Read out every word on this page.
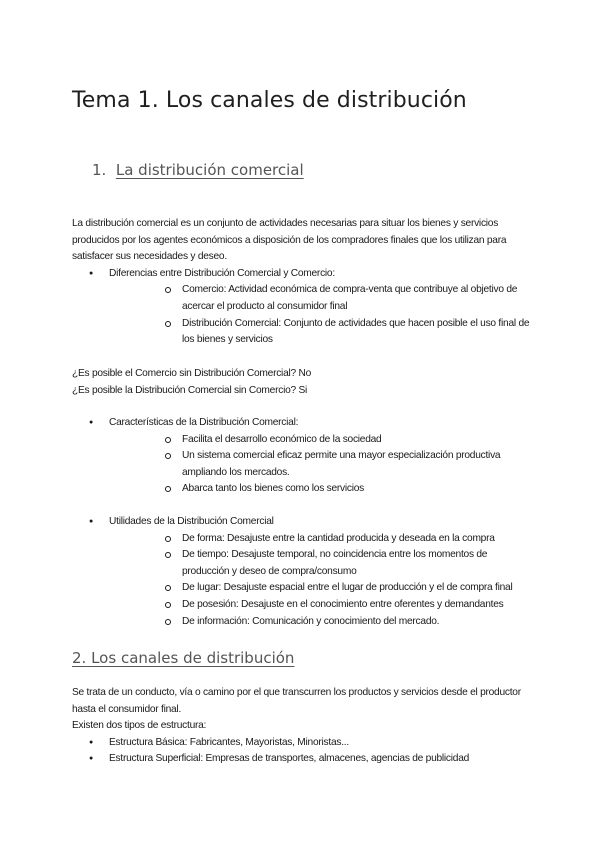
Tema 1. Los canales de distribución
1. La distribución comercial

La distribución comercial es un conjunto de actividades necesarias para situar los bienes y servicios producidos por los agentes económicos a disposición de los compradores finales que los utilizan para satisfacer sus necesidades y deseo.

● Diferencias entre Distribución Comercial y Comercio:
Comercio: Actividad económica de compra-venta que contribuye al objetivo de acercar el producto al consumidor final
Distribución Comercial: Conjunto de actividades que hacen posible el uso final de los bienes y servicios

¿Es posible el Comercio sin Distribución Comercial? No

¿Es posible la Distribución Comercial sin Comercio? Si

● Características de la Distribución Comercial:
Facilita el desarrollo económico de la sociedad
Un sistema comercial eficaz permite una mayor especialización productiva ampliando los mercados.
Abarca tanto los bienes como los servicios
● Utilidades de la Distribución Comercial
De forma: Desajuste entre la cantidad producida y deseada en la compra
De tiempo: Desajuste temporal, no coincidencia entre los momentos de producción y deseo de compra/consumo
De lugar: Desajuste espacial entre el lugar de producción y el de compra final
De posesión: Desajuste en el conocimiento entre oferentes y demandantes
De información: Comunicación y conocimiento del mercado.
2. Los canales de distribución

Se trata de un conducto, vía o camino por el que transcurren los productos y servicios desde el productor hasta el consumidor final.

Existen dos tipos de estructura:

● Estructura Básica: Fabricantes, Mayoristas, Minoristas...
● Estructura Superficial: Empresas de transportes, almacenes, agencias de publicidad
